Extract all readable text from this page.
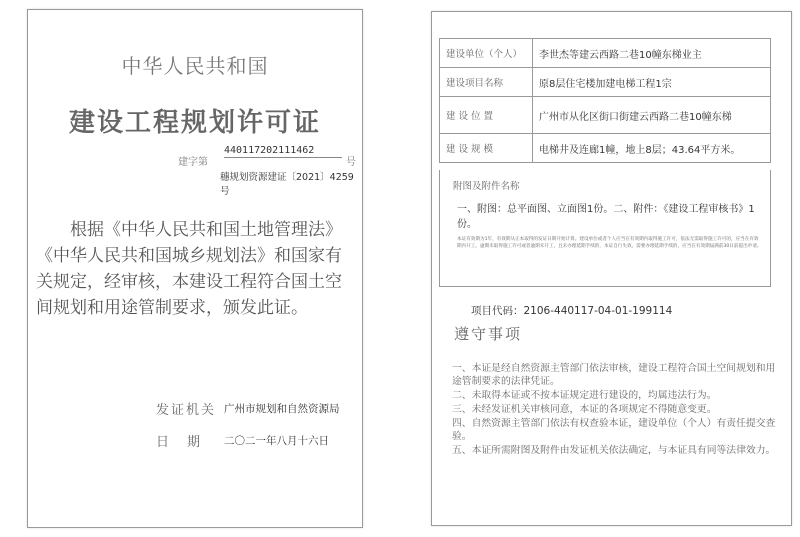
中华人民共和国
建设工程规划许可证
建字第
440117202111462
号
穗规划资源建证〔2021〕4259号
根据《中华人民共和国土地管理法》《中华人民共和国城乡规划法》和国家有关规定，经审核，本建设工程符合国土空间规划和用途管制要求，颁发此证。
发证机关 广州市规划和自然资源局
日期 二〇二一年八月十六日
建设单位（个人）	李世杰等建云西路二巷10幢东梯业主
建设项目名称	原8层住宅楼加建电梯工程1宗
建 设 位 置	广州市从化区街口街建云西路二巷10幢东梯
建 设 规 模	电梯井及连廊1幢，地上8层；43.64平方米。
附图及附件名称
一、附图：总平面图、立面图1份。二、附件：《建设工程审核书》1份。
本证有效期为1年，有效期从正本取得的发证日期开始计算。建设单位或者个人应当在有效期内取得施工许可，依法无需取得施工许可的，应当在有效期内开工。逾期未取得施工许可或者逾期未开工，且未办理延期手续的，本证自行失效。需要办理延期手续的，应当在有效期届满前30日前提出申请。
项目代码：2106-440117-04-01-199114
遵守事项
一、本证是经自然资源主管部门依法审核，建设工程符合国土空间规划和用途管制要求的法律凭证。
二、未取得本证或不按本证规定进行建设的，均属违法行为。
三、未经发证机关审核同意，本证的各项规定不得随意变更。
四、自然资源主管部门依法有权查验本证，建设单位（个人）有责任提交查验。
五、本证所需附图及附件由发证机关依法确定，与本证具有同等法律效力。
